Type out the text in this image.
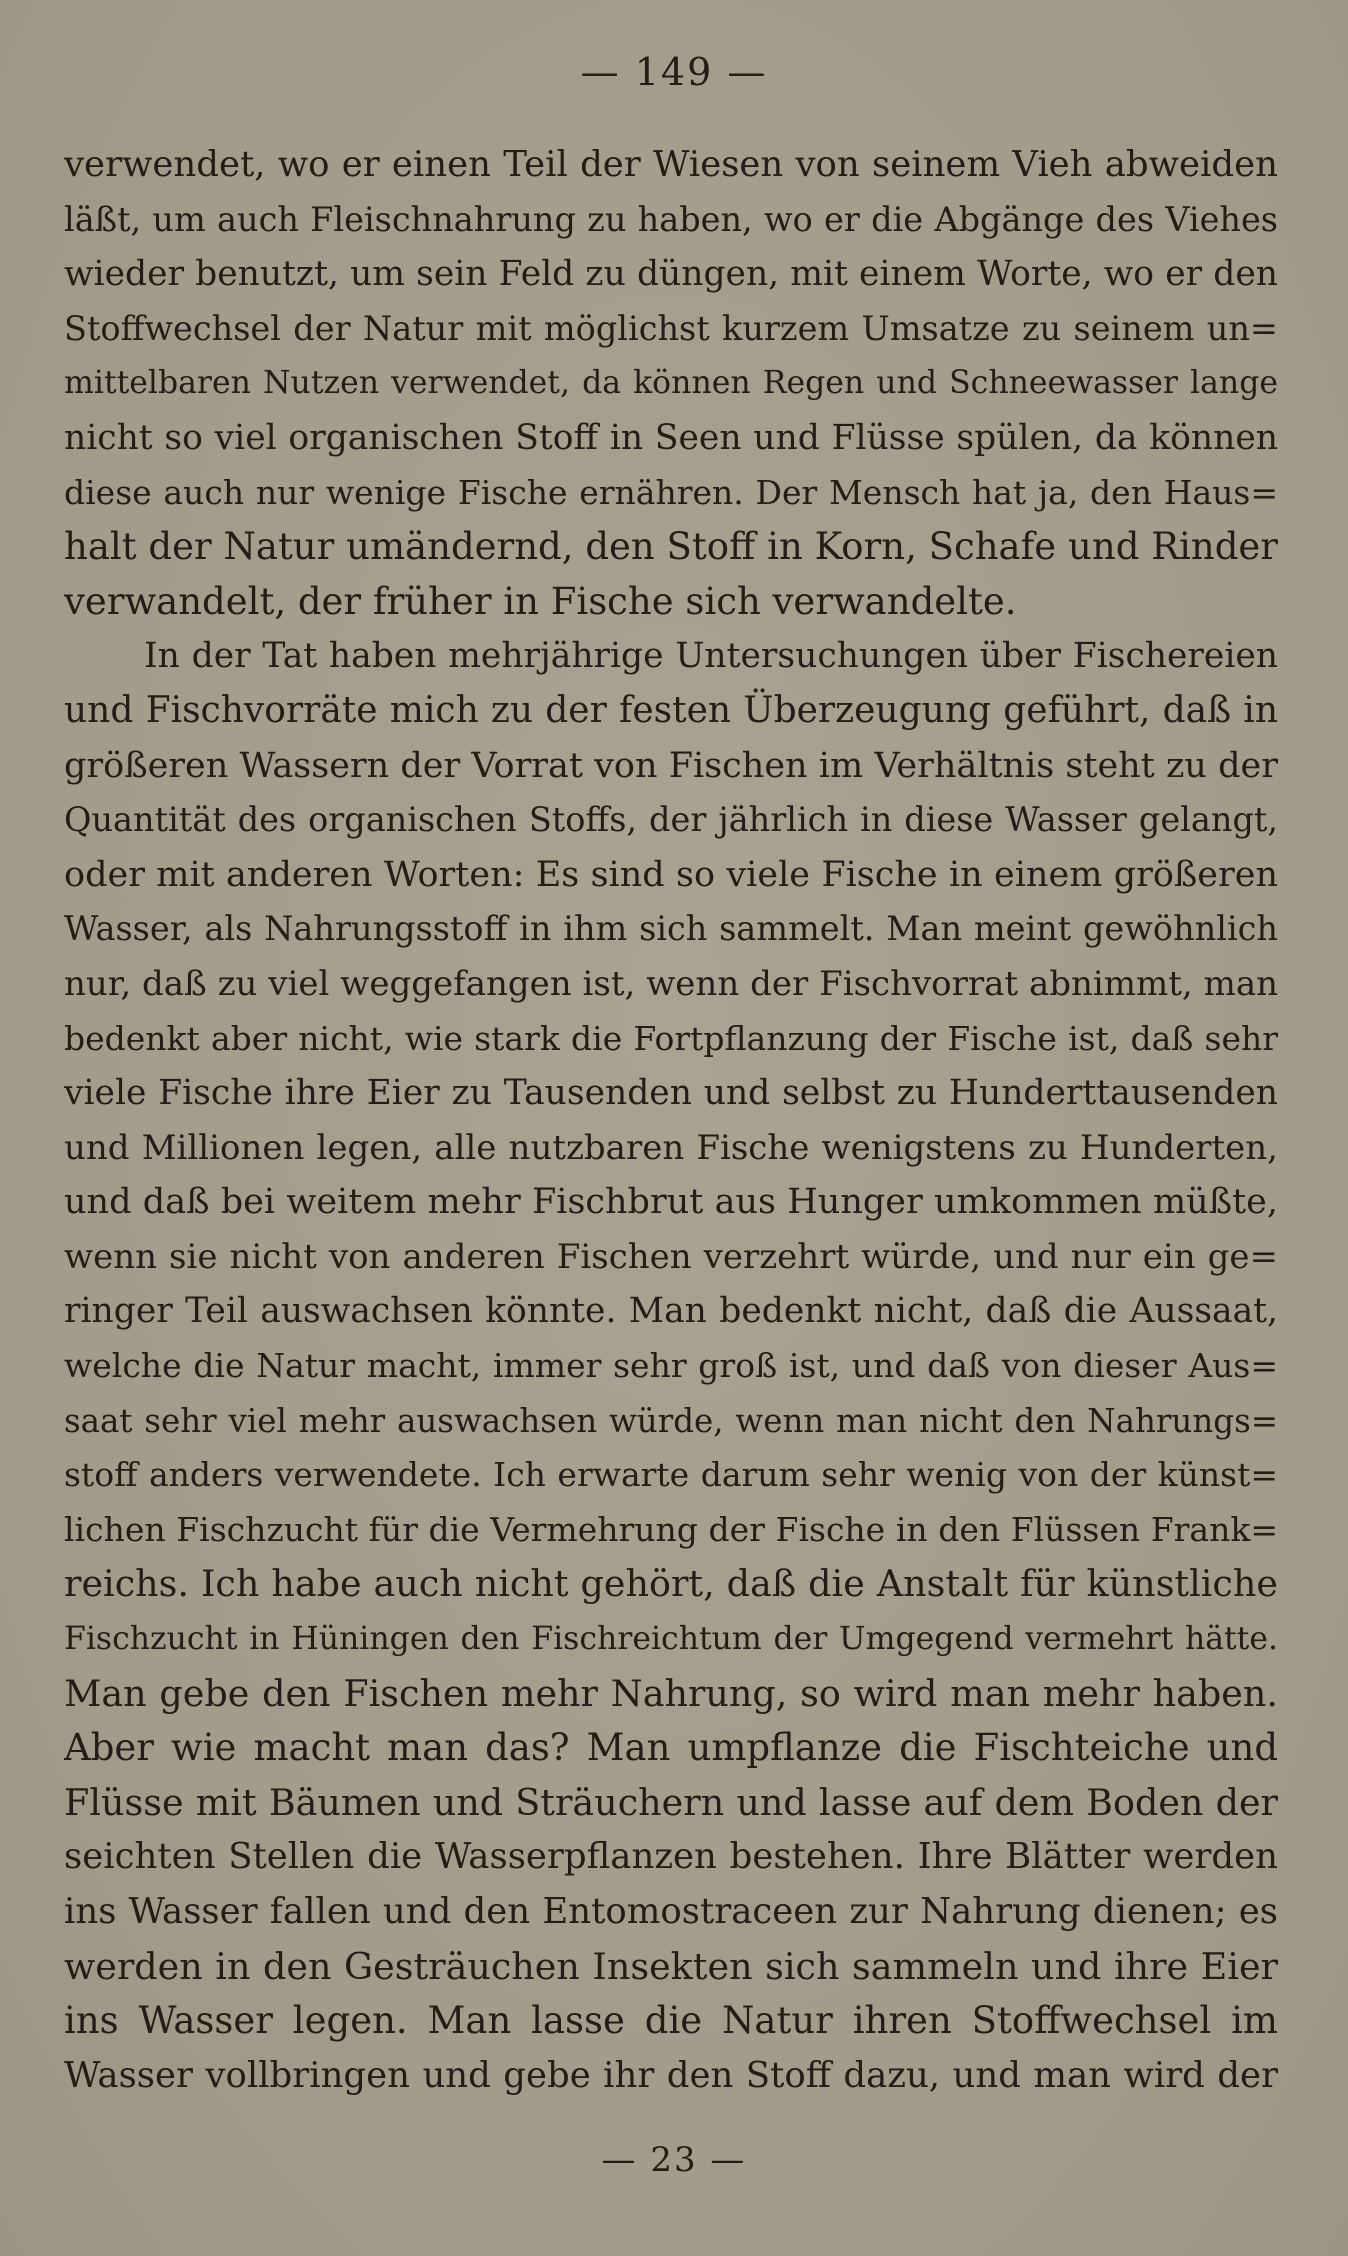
— 149 —
verwendet, wo er einen Teil der Wiesen von seinem Vieh abweiden
läßt, um auch Fleischnahrung zu haben, wo er die Abgänge des Viehes
wieder benutzt, um sein Feld zu düngen, mit einem Worte, wo er den
Stoffwechsel der Natur mit möglichst kurzem Umsatze zu seinem un=
mittelbaren Nutzen verwendet, da können Regen und Schneewasser lange
nicht so viel organischen Stoff in Seen und Flüsse spülen, da können
diese auch nur wenige Fische ernähren. Der Mensch hat ja, den Haus=
halt der Natur umändernd, den Stoff in Korn, Schafe und Rinder
verwandelt, der früher in Fische sich verwandelte.
In der Tat haben mehrjährige Untersuchungen über Fischereien
und Fischvorräte mich zu der festen Überzeugung geführt, daß in
größeren Wassern der Vorrat von Fischen im Verhältnis steht zu der
Quantität des organischen Stoffs, der jährlich in diese Wasser gelangt,
oder mit anderen Worten: Es sind so viele Fische in einem größeren
Wasser, als Nahrungsstoff in ihm sich sammelt. Man meint gewöhnlich
nur, daß zu viel weggefangen ist, wenn der Fischvorrat abnimmt, man
bedenkt aber nicht, wie stark die Fortpflanzung der Fische ist, daß sehr
viele Fische ihre Eier zu Tausenden und selbst zu Hunderttausenden
und Millionen legen, alle nutzbaren Fische wenigstens zu Hunderten,
und daß bei weitem mehr Fischbrut aus Hunger umkommen müßte,
wenn sie nicht von anderen Fischen verzehrt würde, und nur ein ge=
ringer Teil auswachsen könnte. Man bedenkt nicht, daß die Aussaat,
welche die Natur macht, immer sehr groß ist, und daß von dieser Aus=
saat sehr viel mehr auswachsen würde, wenn man nicht den Nahrungs=
stoff anders verwendete. Ich erwarte darum sehr wenig von der künst=
lichen Fischzucht für die Vermehrung der Fische in den Flüssen Frank=
reichs. Ich habe auch nicht gehört, daß die Anstalt für künstliche
Fischzucht in Hüningen den Fischreichtum der Umgegend vermehrt hätte.
Man gebe den Fischen mehr Nahrung, so wird man mehr haben.
Aber wie macht man das? Man umpflanze die Fischteiche und
Flüsse mit Bäumen und Sträuchern und lasse auf dem Boden der
seichten Stellen die Wasserpflanzen bestehen. Ihre Blätter werden
ins Wasser fallen und den Entomostraceen zur Nahrung dienen; es
werden in den Gesträuchen Insekten sich sammeln und ihre Eier
ins Wasser legen. Man lasse die Natur ihren Stoffwechsel im
Wasser vollbringen und gebe ihr den Stoff dazu, und man wird der
— 23 —
